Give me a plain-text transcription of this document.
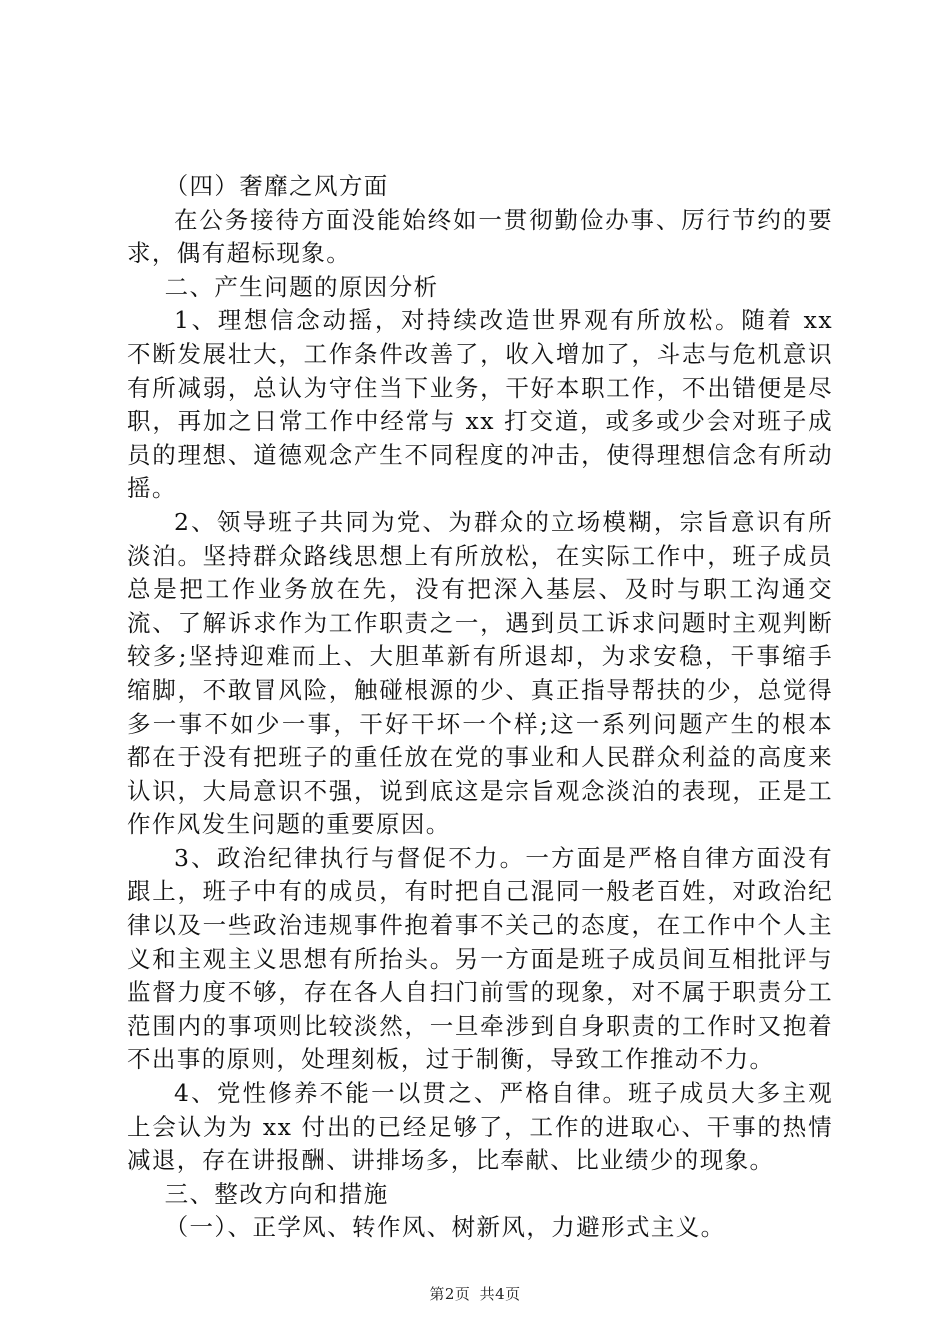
（四）奢靡之风方面

在公务接待方面没能始终如一贯彻勤俭办事、厉行节约的要求，偶有超标现象。

二、产生问题的原因分析

1、理想信念动摇，对持续改造世界观有所放松。随着 xx 不断发展壮大，工作条件改善了，收入增加了，斗志与危机意识有所减弱，总认为守住当下业务，干好本职工作，不出错便是尽职，再加之日常工作中经常与 xx 打交道，或多或少会对班子成员的理想、道德观念产生不同程度的冲击，使得理想信念有所动摇。

2、领导班子共同为党、为群众的立场模糊，宗旨意识有所淡泊。坚持群众路线思想上有所放松，在实际工作中，班子成员总是把工作业务放在先，没有把深入基层、及时与职工沟通交流、了解诉求作为工作职责之一，遇到员工诉求问题时主观判断较多;坚持迎难而上、大胆革新有所退却，为求安稳，干事缩手缩脚，不敢冒风险，触碰根源的少、真正指导帮扶的少，总觉得多一事不如少一事，干好干坏一个样;这一系列问题产生的根本都在于没有把班子的重任放在党的事业和人民群众利益的高度来认识，大局意识不强，说到底这是宗旨观念淡泊的表现，正是工作作风发生问题的重要原因。

3、政治纪律执行与督促不力。一方面是严格自律方面没有跟上，班子中有的成员，有时把自己混同一般老百姓，对政治纪律以及一些政治违规事件抱着事不关己的态度，在工作中个人主义和主观主义思想有所抬头。另一方面是班子成员间互相批评与监督力度不够，存在各人自扫门前雪的现象，对不属于职责分工范围内的事项则比较淡然，一旦牵涉到自身职责的工作时又抱着不出事的原则，处理刻板，过于制衡，导致工作推动不力。

4、党性修养不能一以贯之、严格自律。班子成员大多主观上会认为为 xx 付出的已经足够了，工作的进取心、干事的热情减退，存在讲报酬、讲排场多，比奉献、比业绩少的现象。

三、整改方向和措施

（一）、正学风、转作风、树新风，力避形式主义。

第2页 共4页
